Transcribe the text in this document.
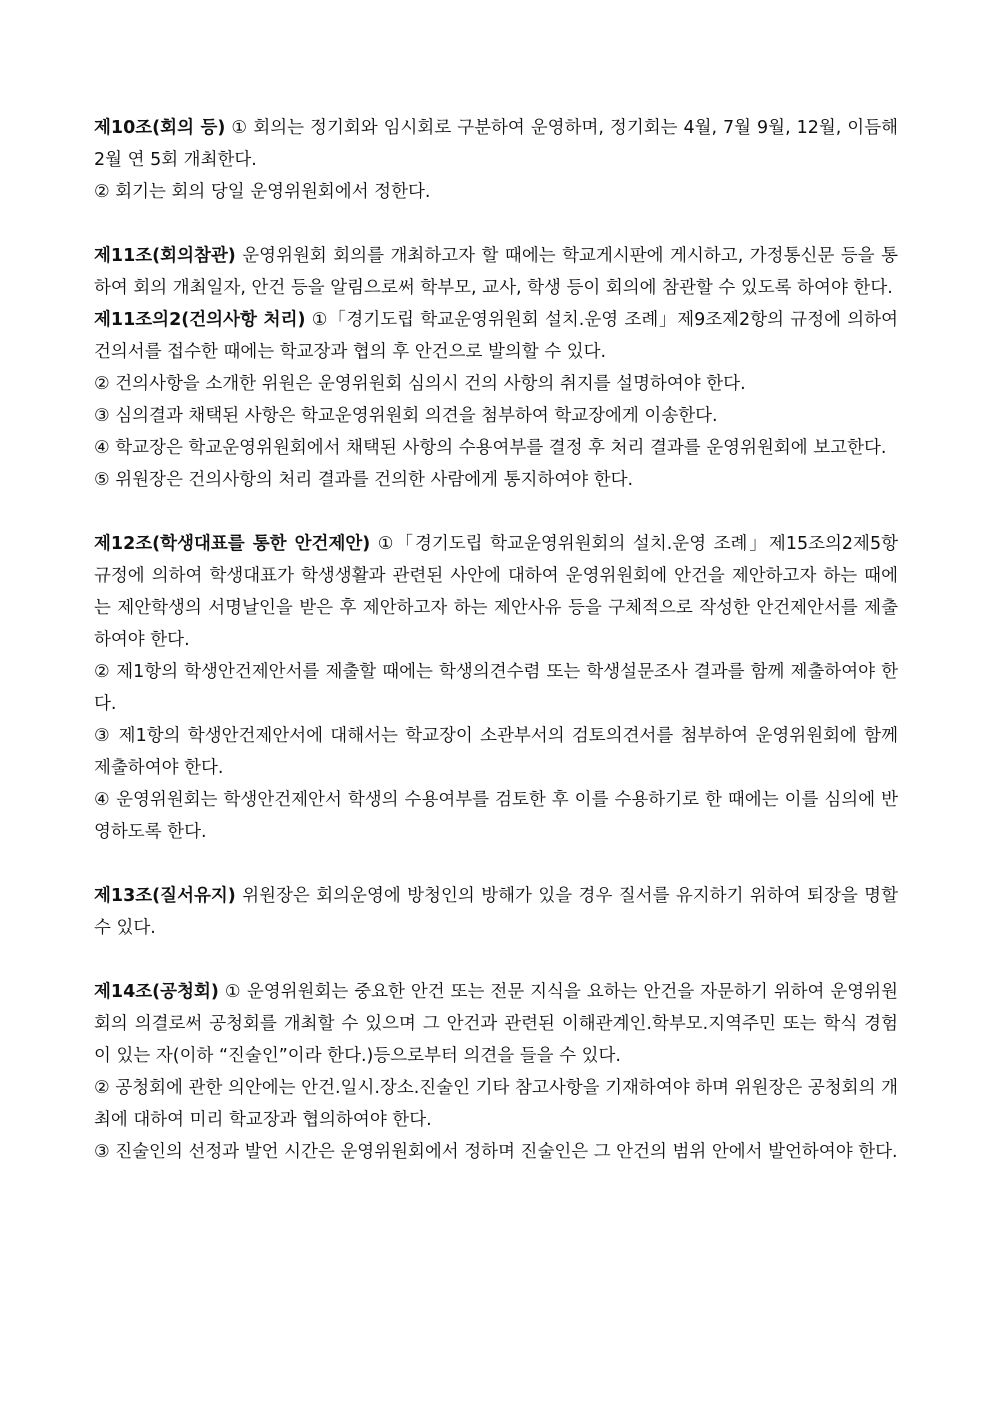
제10조(회의 등) ① 회의는 정기회와 임시회로 구분하여 운영하며, 정기회는 4월, 7월 9월, 12월, 이듬해 2월 연 5회 개최한다.

② 회기는 회의 당일 운영위원회에서 정한다.

제11조(회의참관) 운영위원회 회의를 개최하고자 할 때에는 학교게시판에 게시하고, 가정통신문 등을 통하여 회의 개최일자, 안건 등을 알림으로써 학부모, 교사, 학생 등이 회의에 참관할 수 있도록 하여야 한다.

제11조의2(건의사항 처리) ①「경기도립 학교운영위원회 설치.운영 조례」제9조제2항의 규정에 의하여 건의서를 접수한 때에는 학교장과 협의 후 안건으로 발의할 수 있다.

② 건의사항을 소개한 위원은 운영위원회 심의시 건의 사항의 취지를 설명하여야 한다.

③ 심의결과 채택된 사항은 학교운영위원회 의견을 첨부하여 학교장에게 이송한다.

④ 학교장은 학교운영위원회에서 채택된 사항의 수용여부를 결정 후 처리 결과를 운영위원회에 보고한다.

⑤ 위원장은 건의사항의 처리 결과를 건의한 사람에게 통지하여야 한다.

제12조(학생대표를 통한 안건제안) ①「경기도립 학교운영위원회의 설치.운영 조례」제15조의2제5항 규정에 의하여 학생대표가 학생생활과 관련된 사안에 대하여 운영위원회에 안건을 제안하고자 하는 때에는 제안학생의 서명날인을 받은 후 제안하고자 하는 제안사유 등을 구체적으로 작성한 안건제안서를 제출하여야 한다.

② 제1항의 학생안건제안서를 제출할 때에는 학생의견수렴 또는 학생설문조사 결과를 함께 제출하여야 한다.

③ 제1항의 학생안건제안서에 대해서는 학교장이 소관부서의 검토의견서를 첨부하여 운영위원회에 함께 제출하여야 한다.

④ 운영위원회는 학생안건제안서 학생의 수용여부를 검토한 후 이를 수용하기로 한 때에는 이를 심의에 반영하도록 한다.

제13조(질서유지) 위원장은 회의운영에 방청인의 방해가 있을 경우 질서를 유지하기 위하여 퇴장을 명할 수 있다.

제14조(공청회) ① 운영위원회는 중요한 안건 또는 전문 지식을 요하는 안건을 자문하기 위하여 운영위원회의 의결로써 공청회를 개최할 수 있으며 그 안건과 관련된 이해관계인.학부모.지역주민 또는 학식 경험이 있는 자(이하 “진술인”이라 한다.)등으로부터 의견을 들을 수 있다.

② 공청회에 관한 의안에는 안건.일시.장소.진술인 기타 참고사항을 기재하여야 하며 위원장은 공청회의 개최에 대하여 미리 학교장과 협의하여야 한다.

③ 진술인의 선정과 발언 시간은 운영위원회에서 정하며 진술인은 그 안건의 범위 안에서 발언하여야 한다.
